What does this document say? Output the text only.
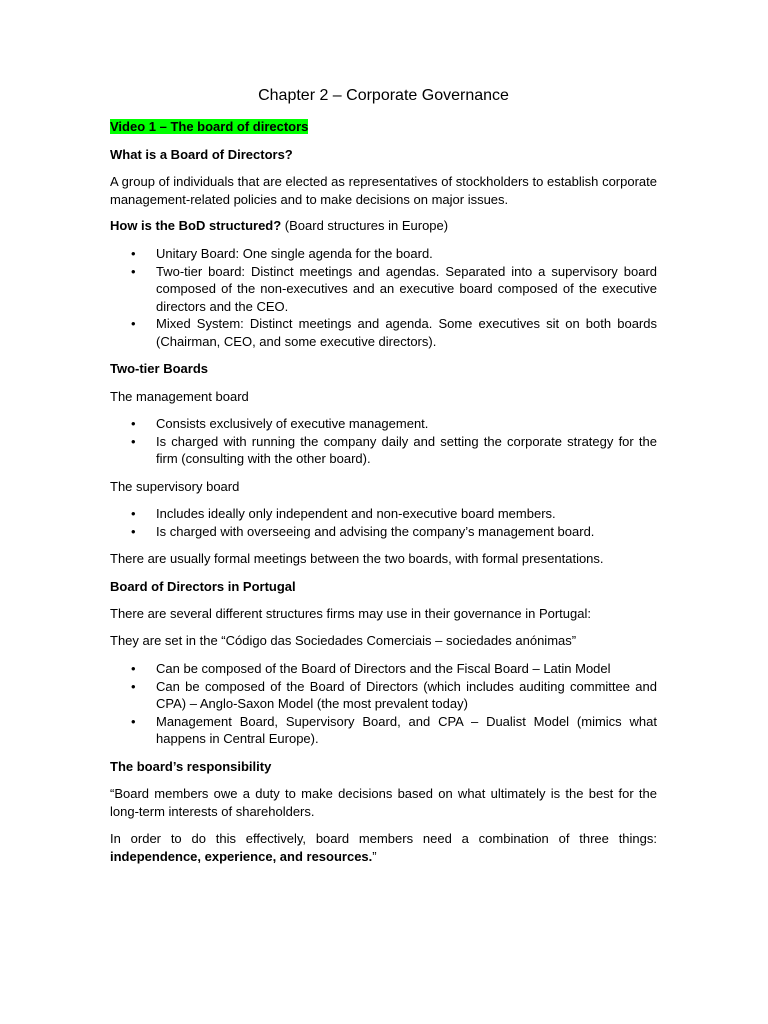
Chapter 2 – Corporate Governance

Video 1 – The board of directors

What is a Board of Directors?

A group of individuals that are elected as representatives of stockholders to establish corporate management-related policies and to make decisions on major issues.

How is the BoD structured? (Board structures in Europe)

• Unitary Board: One single agenda for the board.
• Two-tier board: Distinct meetings and agendas. Separated into a supervisory board composed of the non-executives and an executive board composed of the executive directors and the CEO.
• Mixed System: Distinct meetings and agenda. Some executives sit on both boards (Chairman, CEO, and some executive directors).

Two-tier Boards

The management board

• Consists exclusively of executive management.
• Is charged with running the company daily and setting the corporate strategy for the firm (consulting with the other board).

The supervisory board

• Includes ideally only independent and non-executive board members.
• Is charged with overseeing and advising the company’s management board.

There are usually formal meetings between the two boards, with formal presentations.

Board of Directors in Portugal

There are several different structures firms may use in their governance in Portugal:

They are set in the “Código das Sociedades Comerciais – sociedades anónimas”

• Can be composed of the Board of Directors and the Fiscal Board – Latin Model
• Can be composed of the Board of Directors (which includes auditing committee and CPA) – Anglo-Saxon Model (the most prevalent today)
• Management Board, Supervisory Board, and CPA – Dualist Model (mimics what happens in Central Europe).

The board’s responsibility

“Board members owe a duty to make decisions based on what ultimately is the best for the long-term interests of shareholders.

In order to do this effectively, board members need a combination of three things: independence, experience, and resources.”
